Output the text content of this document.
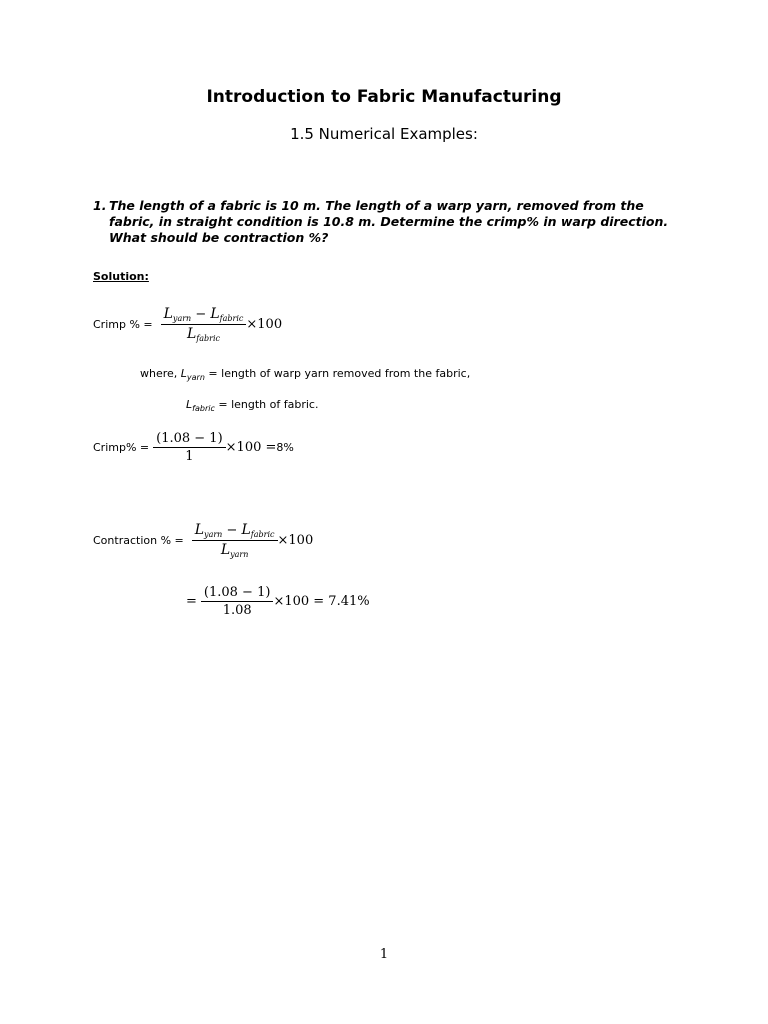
Introduction to Fabric Manufacturing
1.5 Numerical Examples:
1. The length of a fabric is 10 m. The length of a warp yarn, removed from the fabric, in straight condition is 10.8 m. Determine the crimp% in warp direction. What should be contraction %?
Solution:
Crimp % = $\frac{L_{yarn} - L_{fabric}}{L_{fabric}} \times 100$
where, $L_{yarn}$ = length of warp yarn removed from the fabric,
$L_{fabric}$ = length of fabric.
Crimp% = $\frac{(1.08 - 1)}{1} \times 100 = 8\%$
Contraction % = $\frac{L_{yarn} - L_{fabric}}{L_{yarn}} \times 100$
= $\frac{(1.08 - 1)}{1.08} \times 100 = 7.41\%$
1
